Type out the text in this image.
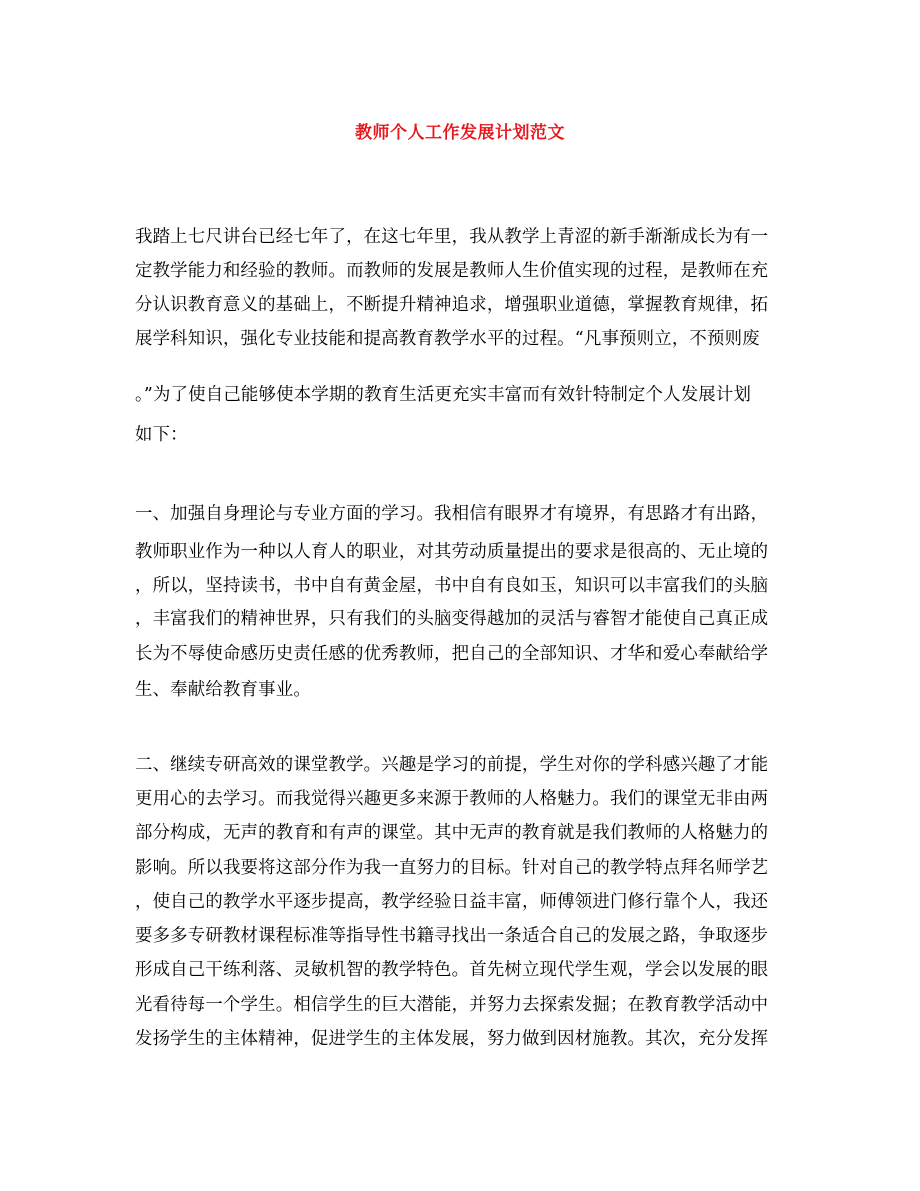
教师个人工作发展计划范文
我踏上七尺讲台已经七年了，在这七年里，我从教学上青涩的新手渐渐成长为有一
定教学能力和经验的教师。而教师的发展是教师人生价值实现的过程，是教师在充
分认识教育意义的基础上，不断提升精神追求，增强职业道德，掌握教育规律，拓
展学科知识，强化专业技能和提高教育教学水平的过程。“凡事预则立，不预则废
。”为了使自己能够使本学期的教育生活更充实丰富而有效针特制定个人发展计划
如下：
一、加强自身理论与专业方面的学习。我相信有眼界才有境界，有思路才有出路，
教师职业作为一种以人育人的职业，对其劳动质量提出的要求是很高的、无止境的
，所以，坚持读书，书中自有黄金屋，书中自有良如玉，知识可以丰富我们的头脑
，丰富我们的精神世界，只有我们的头脑变得越加的灵活与睿智才能使自己真正成
长为不辱使命感历史责任感的优秀教师，把自己的全部知识、才华和爱心奉献给学
生、奉献给教育事业。
二、继续专研高效的课堂教学。兴趣是学习的前提，学生对你的学科感兴趣了才能
更用心的去学习。而我觉得兴趣更多来源于教师的人格魅力。我们的课堂无非由两
部分构成，无声的教育和有声的课堂。其中无声的教育就是我们教师的人格魅力的
影响。所以我要将这部分作为我一直努力的目标。针对自己的教学特点拜名师学艺
，使自己的教学水平逐步提高，教学经验日益丰富，师傅领进门修行靠个人，我还
要多多专研教材课程标准等指导性书籍寻找出一条适合自己的发展之路，争取逐步
形成自己干练利落、灵敏机智的教学特色。首先树立现代学生观，学会以发展的眼
光看待每一个学生。相信学生的巨大潜能，并努力去探索发掘；在教育教学活动中
发扬学生的主体精神，促进学生的主体发展，努力做到因材施教。其次，充分发挥
